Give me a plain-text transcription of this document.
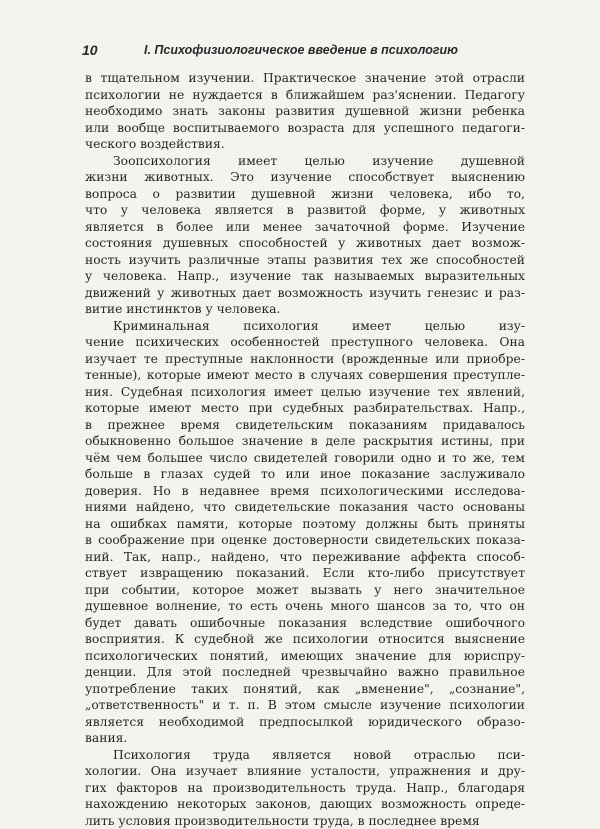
10	I. Психофизиологическое введение в психологию
в тщательном изучении. Практическое значение этой отрасли
психологии не нуждается в ближайшем раз'яснении. Педагогу
необходимо знать законы развития душевной жизни ребенка
или вообще воспитываемого возраста для успешного педагоги-
ческого воздействия.
Зоопсихология имеет целью изучение душевной
жизни животных. Это изучение способствует выяснению
вопроса о развитии душевной жизни человека, ибо то,
что у человека является в развитой форме, у животных
является в более или менее зачаточной форме. Изучение
состояния душевных способностей у животных дает возмож-
ность изучить различные этапы развития тех же способностей
у человека. Напр., изучение так называемых выразительных
движений у животных дает возможность изучить генезис и раз-
витие инстинктов у человека.
Криминальная психология имеет целью изу-
чение психических особенностей преступного человека. Она
изучает те преступные наклонности (врожденные или приобре-
тенные), которые имеют место в случаях совершения преступле-
ния. Судебная психология имеет целью изучение тех явлений,
которые имеют место при судебных разбирательствах. Напр.,
в прежнее время свидетельским показаниям придавалось
обыкновенно большое значение в деле раскрытия истины, при
чём чем большее число свидетелей говорили одно и то же, тем
больше в глазах судей то или иное показание заслуживало
доверия. Но в недавнее время психологическими исследова-
ниями найдено, что свидетельские показания часто основаны
на ошибках памяти, которые поэтому должны быть приняты
в соображение при оценке достоверности свидетельских показа-
ний. Так, напр., найдено, что переживание аффекта способ-
ствует извращению показаний. Если кто-либо присутствует
при событии, которое может вызвать у него значительное
душевное волнение, то есть очень много шансов за то, что он
будет давать ошибочные показания вследствие ошибочного
восприятия. К судебной же психологии относится выяснение
психологических понятий, имеющих значение для юриспру-
денции. Для этой последней чрезвычайно важно правильное
употребление таких понятий, как „вменение", „сознание",
„ответственность" и т. п. В этом смысле изучение психологии
является необходимой предпосылкой юридического образо-
вания.
Психология труда является новой отраслью пси-
хологии. Она изучает влияние усталости, упражнения и дру-
гих факторов на производительность труда. Напр., благодаря
нахождению некоторых законов, дающих возможность опреде-
лить условия производительности труда, в последнее время
